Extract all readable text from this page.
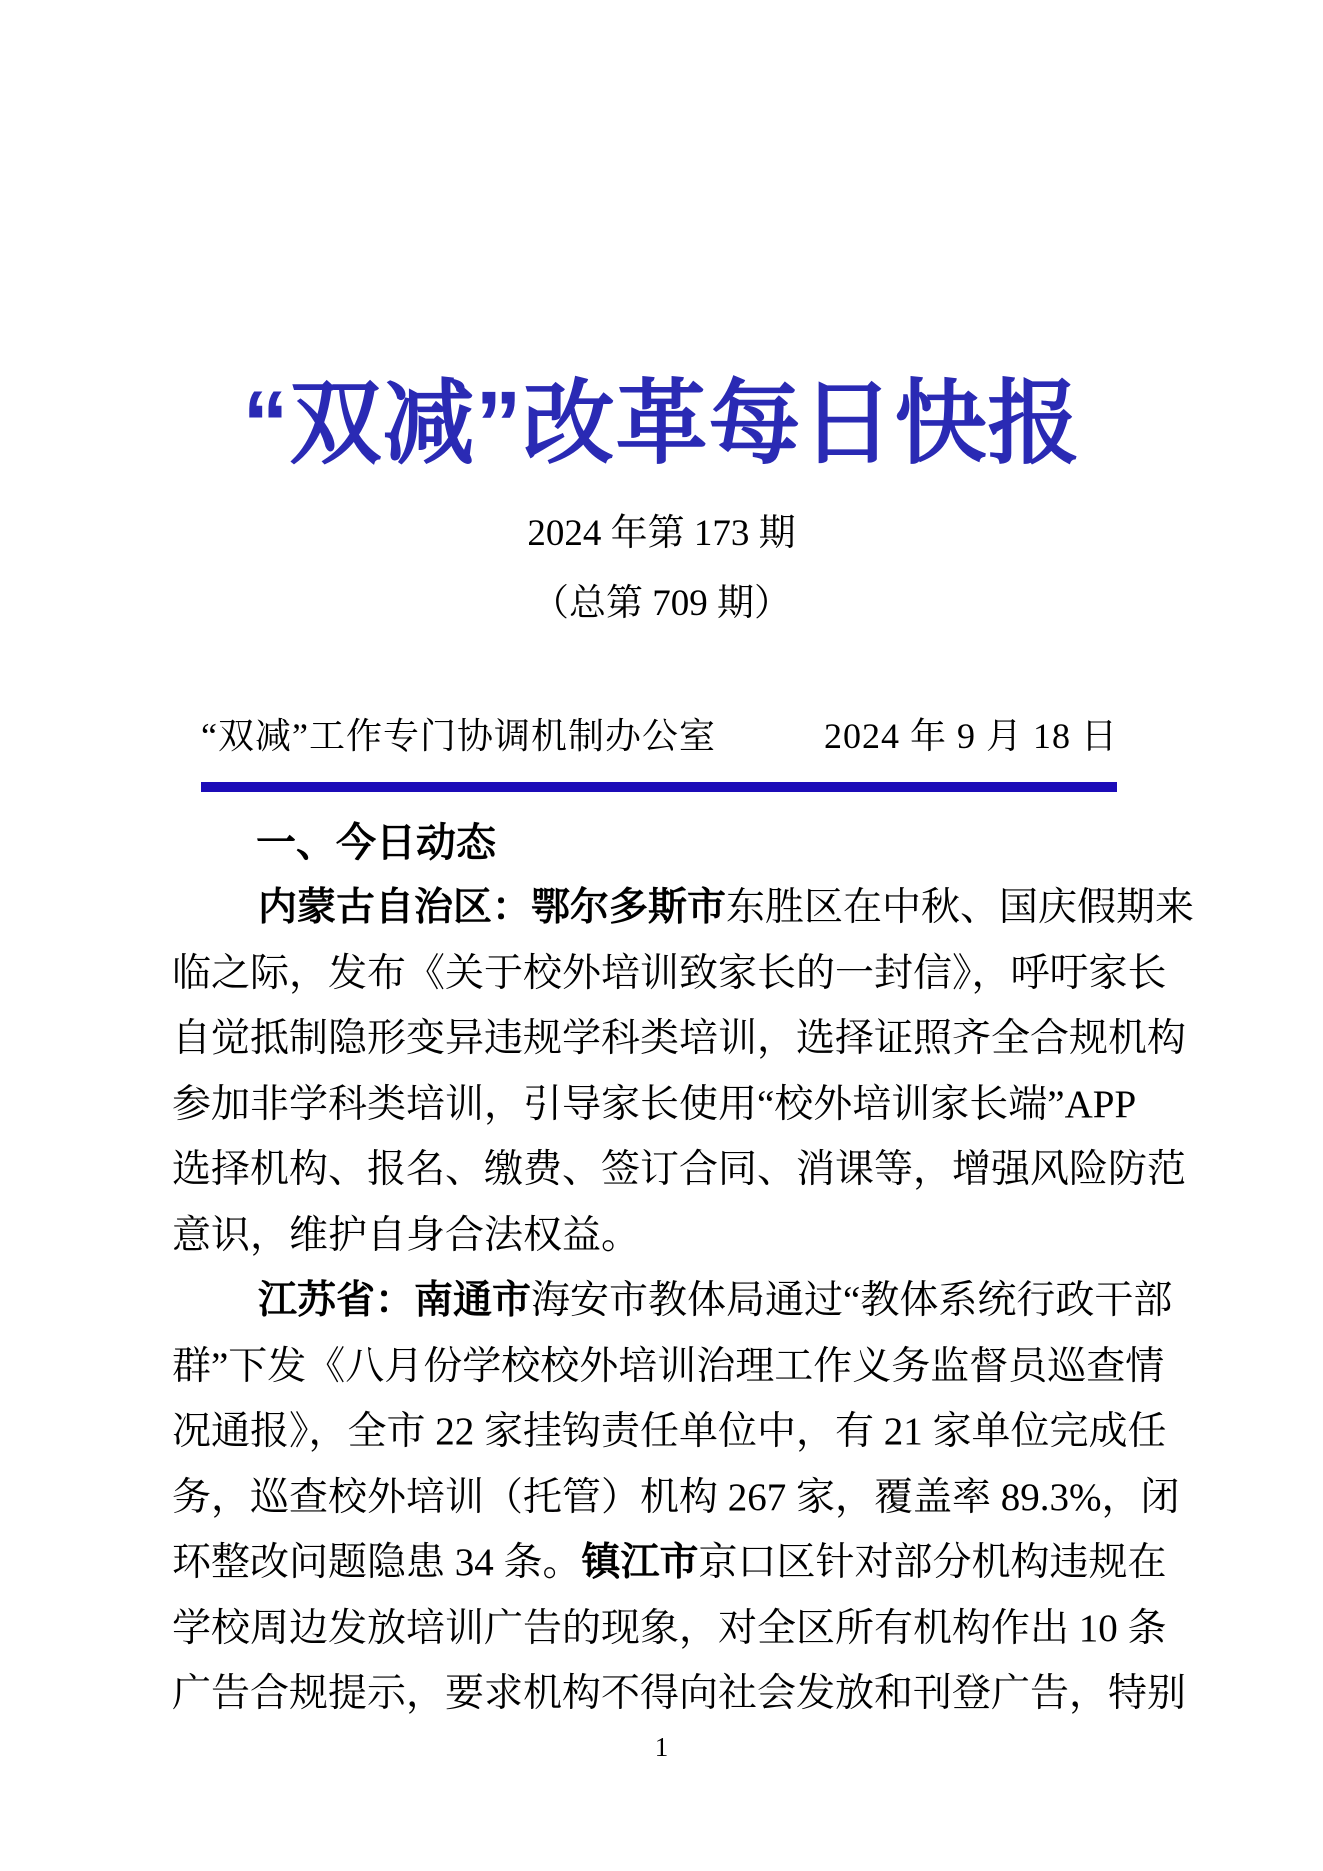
“双减”改革每日快报
2024 年第 173 期
（总第 709 期）
“双减”工作专门协调机制办公室	2024 年 9 月 18 日
一、今日动态
内蒙古自治区：鄂尔多斯市东胜区在中秋、国庆假期来
临之际，发布《关于校外培训致家长的一封信》，呼吁家长
自觉抵制隐形变异违规学科类培训，选择证照齐全合规机构
参加非学科类培训，引导家长使用“校外培训家长端”APP
选择机构、报名、缴费、签订合同、消课等，增强风险防范
意识，维护自身合法权益。
江苏省：南通市海安市教体局通过“教体系统行政干部
群”下发《八月份学校校外培训治理工作义务监督员巡查情
况通报》，全市 22 家挂钩责任单位中，有 21 家单位完成任
务，巡查校外培训（托管）机构 267 家，覆盖率 89.3%，闭
环整改问题隐患 34 条。镇江市京口区针对部分机构违规在
学校周边发放培训广告的现象，对全区所有机构作出 10 条
广告合规提示，要求机构不得向社会发放和刊登广告，特别
1
